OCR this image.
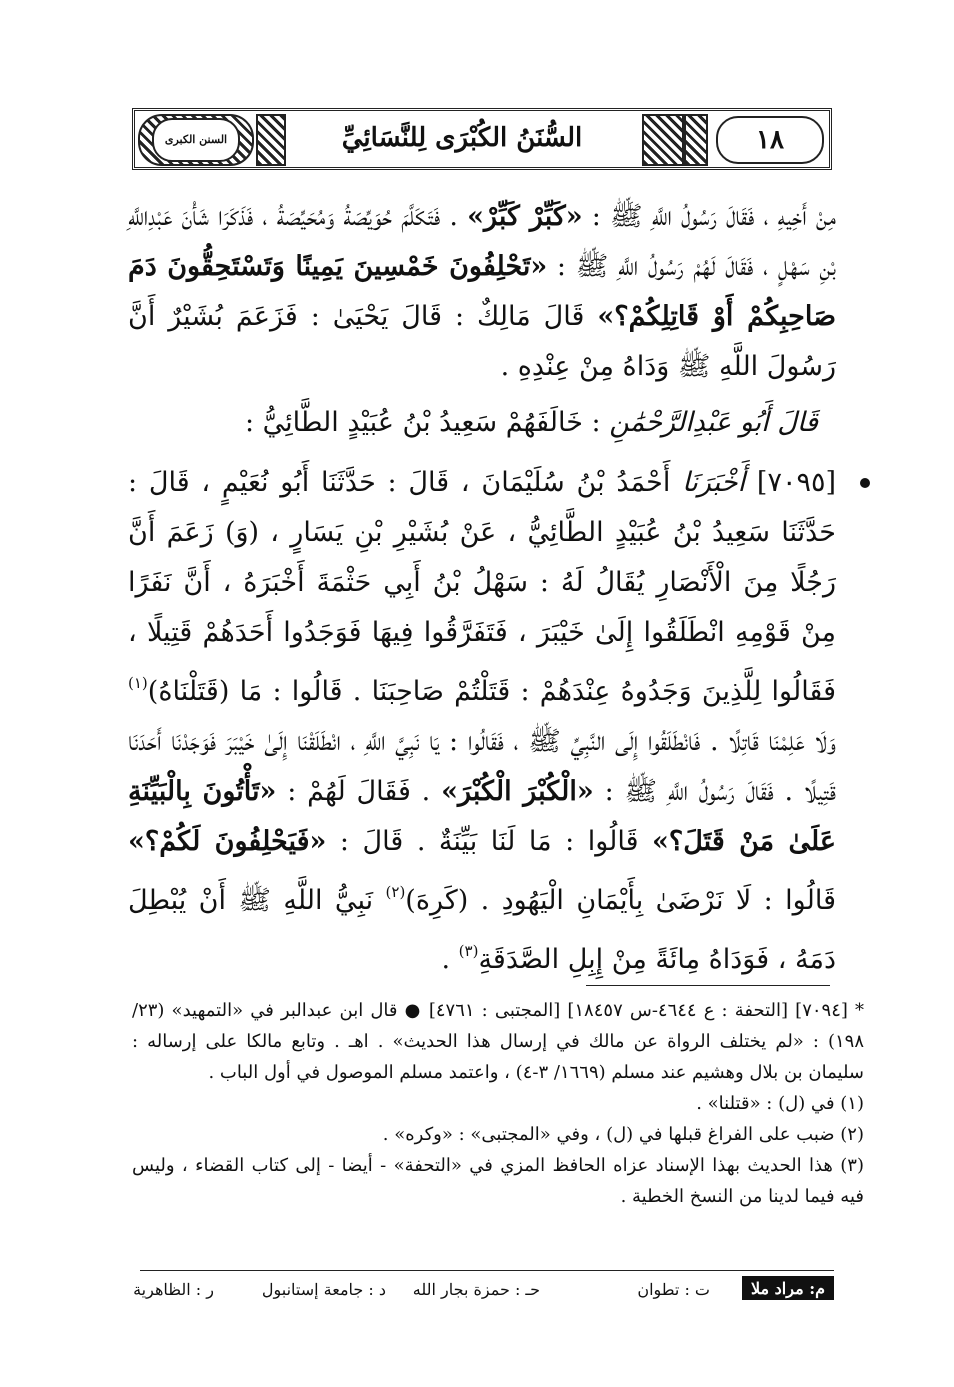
السنن الكبرى	السُّنَنُ الكُبْرَى لِلنَّسَائِيِّ	١٨

مِنْ أَخِيهِ ، فَقَالَ رَسُولُ اللَّهِ ﷺ : «كَبِّرْ كَبِّرْ» . فَتَكَلَّمَ حُوَيِّصَةُ وَمُحَيِّصَةُ ، فَذَكَرَا شَأْنَ عَبْدِاللَّهِ بْنِ سَهْلٍ ، فَقَالَ لَهُمْ رَسُولُ اللَّهِ ﷺ : «تَحْلِفُونَ خَمْسِينَ يَمِينًا وَتَسْتَحِقُّونَ دَمَ صَاحِبِكُمْ أَوْ قَاتِلِكُمْ؟» قَالَ مَالِكٌ : قَالَ يَحْيَىٰ : فَزَعَمَ بُشَيْرٌ أَنَّ رَسُولَ اللَّهِ ﷺ وَدَاهُ مِنْ عِنْدِهِ .

قَالَ أَبُو عَبْدِالرَّحْمَٰنِ : خَالَفَهُمْ سَعِيدُ بْنُ عُبَيْدٍ الطَّائِيُّ :

[٧٠٩٥] أَخْبَرَنَا أَحْمَدُ بْنُ سُلَيْمَانَ ، قَالَ : حَدَّثَنَا أَبُو نُعَيْمٍ ، قَالَ : حَدَّثَنَا سَعِيدُ بْنُ عُبَيْدٍ الطَّائِيُّ ، عَنْ بُشَيْرِ بْنِ يَسَارٍ ، (وَ) زَعَمَ أَنَّ رَجُلًا مِنَ الْأَنْصَارِ يُقَالُ لَهُ : سَهْلُ بْنُ أَبِي حَثْمَةَ أَخْبَرَهُ ، أَنَّ نَفَرًا مِنْ قَوْمِهِ انْطَلَقُوا إِلَىٰ خَيْبَرَ ، فَتَفَرَّقُوا فِيهَا فَوَجَدُوا أَحَدَهُمْ قَتِيلًا ، فَقَالُوا لِلَّذِينَ وَجَدُوهُ عِنْدَهُمْ : قَتَلْتُمْ صَاحِبَنَا . قَالُوا : مَا (قَتَلْنَاهُ)$^{(١)}$ وَلَا عَلِمْنَا قَاتِلًا . فَانْطَلَقُوا إِلَى النَّبِيِّ ﷺ ، فَقَالُوا : يَا نَبِيَّ اللَّهِ ، انْطَلَقْنَا إِلَىٰ خَيْبَرَ فَوَجَدْنَا أَحَدَنَا قَتِيلًا . فَقَالَ رَسُولُ اللَّهِ ﷺ : «الْكُبْرَ الْكُبْرَ» . فَقَالَ لَهُمْ : «تَأْتُونَ بِالْبَيِّنَةِ عَلَىٰ مَنْ قَتَلَ؟» قَالُوا : مَا لَنَا بَيِّنَةٌ . قَالَ : «فَيَحْلِفُونَ لَكُمْ؟» قَالُوا : لَا نَرْضَىٰ بِأَيْمَانِ الْيَهُودِ . (كَرِهَ)$^{(٢)}$ نَبِيُّ اللَّهِ ﷺ أَنْ يُبْطِلَ دَمَهُ ، فَوَدَاهُ مِائَةً مِنْ إِبِلِ الصَّدَقَةِ$^{(٣)}$ .

* [٧٠٩٤] [التحفة : ع ٤٦٤٤-س ١٨٤٥٧] [المجتبى : ٤٧٦١] ● قال ابن عبدالبر في «التمهيد» (٢٣/ ١٩٨) : «لم يختلف الرواة عن مالك في إرسال هذا الحديث» . اهـ . وتابع مالكا على إرساله : سليمان بن بلال وهشيم عند مسلم (١٦٦٩/ ٣-٤) ، واعتمد مسلم الموصول في أول الباب .

(١) في (ل) : «قتلنا» .

(٢) ضبب على الفراغ قبلها في (ل) ، وفي «المجتبى» : «وكره» .

(٣) هذا الحديث بهذا الإسناد عزاه الحافظ المزي في «التحفة» - أيضا - إلى كتاب القضاء ، وليس فيه فيما لدينا من النسخ الخطية .

م: مراد ملا
ت : تطوان
حـ : حمزة بجار الله
د : جامعة إستانبول
ر : الظاهرية
